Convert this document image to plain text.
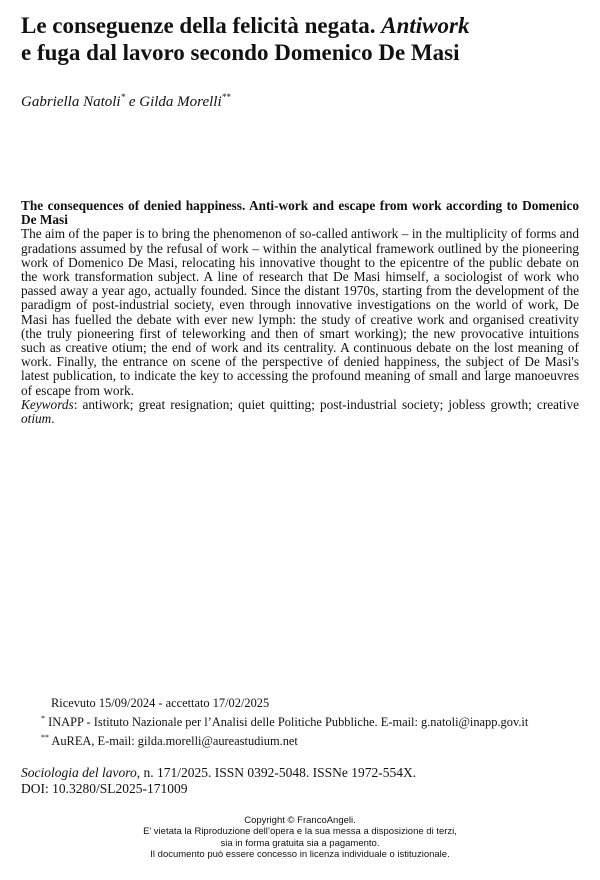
Le conseguenze della felicità negata. Antiwork
e fuga dal lavoro secondo Domenico De Masi

Gabriella Natoli* e Gilda Morelli**

The consequences of denied happiness. Anti-work and escape from work according to Domenico De Masi
The aim of the paper is to bring the phenomenon of so-called antiwork – in the multiplicity of forms and gradations assumed by the refusal of work – within the analytical framework outlined by the pioneering work of Domenico De Masi, relocating his innovative thought to the epicentre of the public debate on the work transformation subject. A line of research that De Masi himself, a sociologist of work who passed away a year ago, actually founded. Since the distant 1970s, starting from the development of the paradigm of post-industrial society, even through innovative investigations on the world of work, De Masi has fuelled the debate with ever new lymph: the study of creative work and organised creativity (the truly pioneering first of teleworking and then of smart working); the new provocative intuitions such as creative otium; the end of work and its centrality. A continuous debate on the lost meaning of work. Finally, the entrance on scene of the perspective of denied happiness, the subject of De Masi's latest publication, to indicate the key to accessing the profound meaning of small and large manoeuvres of escape from work.
Keywords: antiwork; great resignation; quiet quitting; post-industrial society; jobless growth; creative otium.
Ricevuto 15/09/2024 - accettato 17/02/2025
* INAPP - Istituto Nazionale per l’Analisi delle Politiche Pubbliche. E-mail: g.natoli@inapp.gov.it
** AuREA, E-mail: gilda.morelli@aureastudium.net
Sociologia del lavoro, n. 171/2025. ISSN 0392-5048. ISSNe 1972-554X.
DOI: 10.3280/SL2025-171009
Copyright © FrancoAngeli.
E’ vietata la Riproduzione dell’opera e la sua messa a disposizione di terzi,
sia in forma gratuita sia a pagamento.
Il documento può essere concesso in licenza individuale o istituzionale.
